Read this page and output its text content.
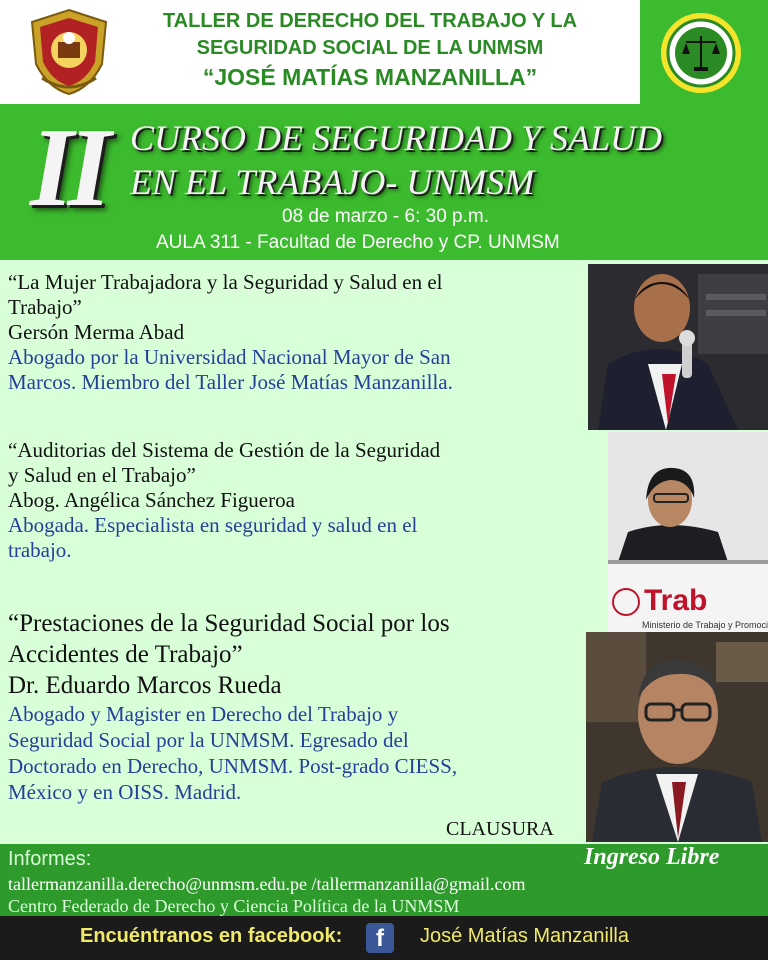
TALLER DE DERECHO DEL TRABAJO Y LA
SEGURIDAD SOCIAL DE LA UNMSM
“JOSÉ MATÍAS MANZANILLA”
II CURSO DE SEGURIDAD Y SALUD
EN EL TRABAJO- UNMSM
08 de marzo - 6: 30 p.m.
AULA 311 - Facultad de Derecho y CP. UNMSM
“La Mujer Trabajadora y la Seguridad y Salud en el
Trabajo”
Gersón Merma Abad
Abogado por la Universidad Nacional Mayor de San
Marcos. Miembro del Taller José Matías Manzanilla.
“Auditorias del Sistema de Gestión de la Seguridad
y Salud en el Trabajo”
Abog. Angélica Sánchez Figueroa
Abogada. Especialista en seguridad y salud en el
trabajo.
“Prestaciones de la Seguridad Social por los
Accidentes de Trabajo”
Dr. Eduardo Marcos Rueda
Abogado y Magister en Derecho del Trabajo y
Seguridad Social por la UNMSM. Egresado del
Doctorado en Derecho, UNMSM. Post-grado CIESS,
México y en OISS. Madrid.
CLAUSURA
Trab
Ministerio de Trabajo y Promoci
Informes:	Ingreso Libre
tallermanzanilla.derecho@unmsm.edu.pe /tallermanzanilla@gmail.com
Centro Federado de Derecho y Ciencia Política de la UNMSM
Encuéntranos en facebook:	f	José Matías Manzanilla
